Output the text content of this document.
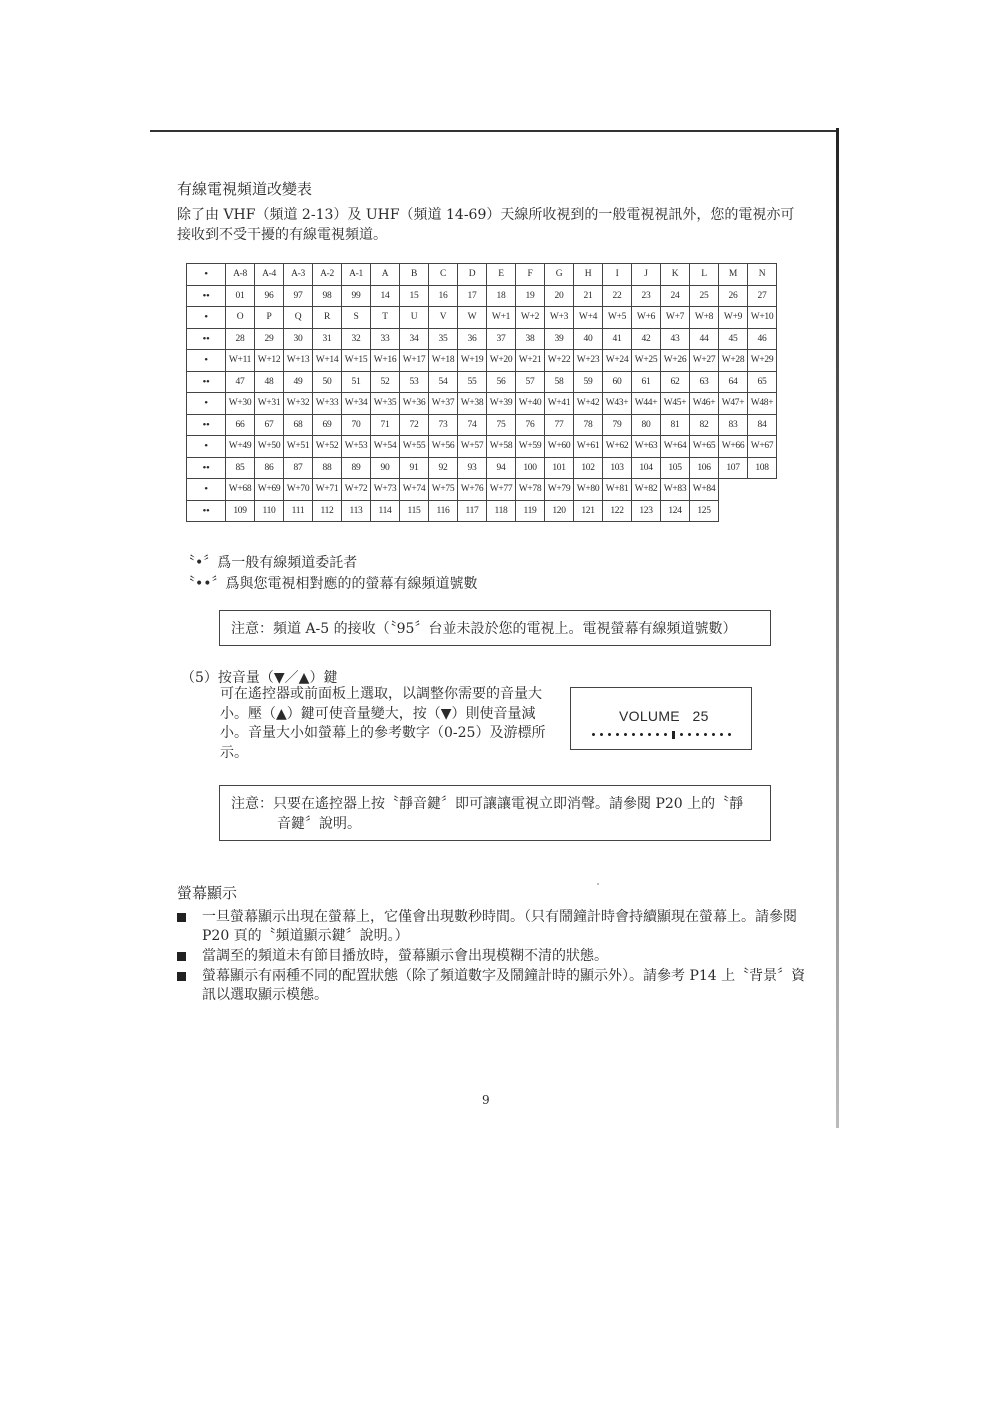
有線電視頻道改變表
除了由 VHF（頻道 2-13）及 UHF（頻道 14-69）天線所收視到的一般電視視訊外，您的電視亦可接收到不受干擾的有線電視頻道。
•	A-8	A-4	A-3	A-2	A-1	A	B	C	D	E	F	G	H	I	J	K	L	M	N
••	01	96	97	98	99	14	15	16	17	18	19	20	21	22	23	24	25	26	27
•	O	P	Q	R	S	T	U	V	W	W+1	W+2	W+3	W+4	W+5	W+6	W+7	W+8	W+9	W+10
••	28	29	30	31	32	33	34	35	36	37	38	39	40	41	42	43	44	45	46
•	W+11	W+12	W+13	W+14	W+15	W+16	W+17	W+18	W+19	W+20	W+21	W+22	W+23	W+24	W+25	W+26	W+27	W+28	W+29
••	47	48	49	50	51	52	53	54	55	56	57	58	59	60	61	62	63	64	65
•	W+30	W+31	W+32	W+33	W+34	W+35	W+36	W+37	W+38	W+39	W+40	W+41	W+42	W43+	W44+	W45+	W46+	W47+	W48+
••	66	67	68	69	70	71	72	73	74	75	76	77	78	79	80	81	82	83	84
•	W+49	W+50	W+51	W+52	W+53	W+54	W+55	W+56	W+57	W+58	W+59	W+60	W+61	W+62	W+63	W+64	W+65	W+66	W+67
••	85	86	87	88	89	90	91	92	93	94	100	101	102	103	104	105	106	107	108
•	W+68	W+69	W+70	W+71	W+72	W+73	W+74	W+75	W+76	W+77	W+78	W+79	W+80	W+81	W+82	W+83	W+84		
••	109	110	111	112	113	114	115	116	117	118	119	120	121	122	123	124	125		
〝•〞爲一般有線頻道委託者
〝••〞爲與您電視相對應的的螢幕有線頻道號數
注意：頻道 A-5 的接收（〝95〞台並未設於您的電視上。電視螢幕有線頻道號數）
（5）按音量（▼／▲）鍵
可在遙控器或前面板上選取，以調整你需要的音量大小。壓（▲）鍵可使音量變大，按（▼）則使音量減小。音量大小如螢幕上的參考數字（0-25）及游標所示。
VOLUME 25
注意：只要在遙控器上按〝靜音鍵〞即可讓讓電視立即消聲。請參閱 P20 上的〝靜
音鍵〞說明。
螢幕顯示
一旦螢幕顯示出現在螢幕上，它僅會出現數秒時間。（只有鬧鐘計時會持續顯現在螢幕上。請參閱 P20 頁的〝頻道顯示鍵〞說明。）
當調至的頻道未有節目播放時，螢幕顯示會出現模糊不清的狀態。
螢幕顯示有兩種不同的配置狀態（除了頻道數字及鬧鐘計時的顯示外）。請參考 P14 上〝背景〞資訊以選取顯示模態。
9
